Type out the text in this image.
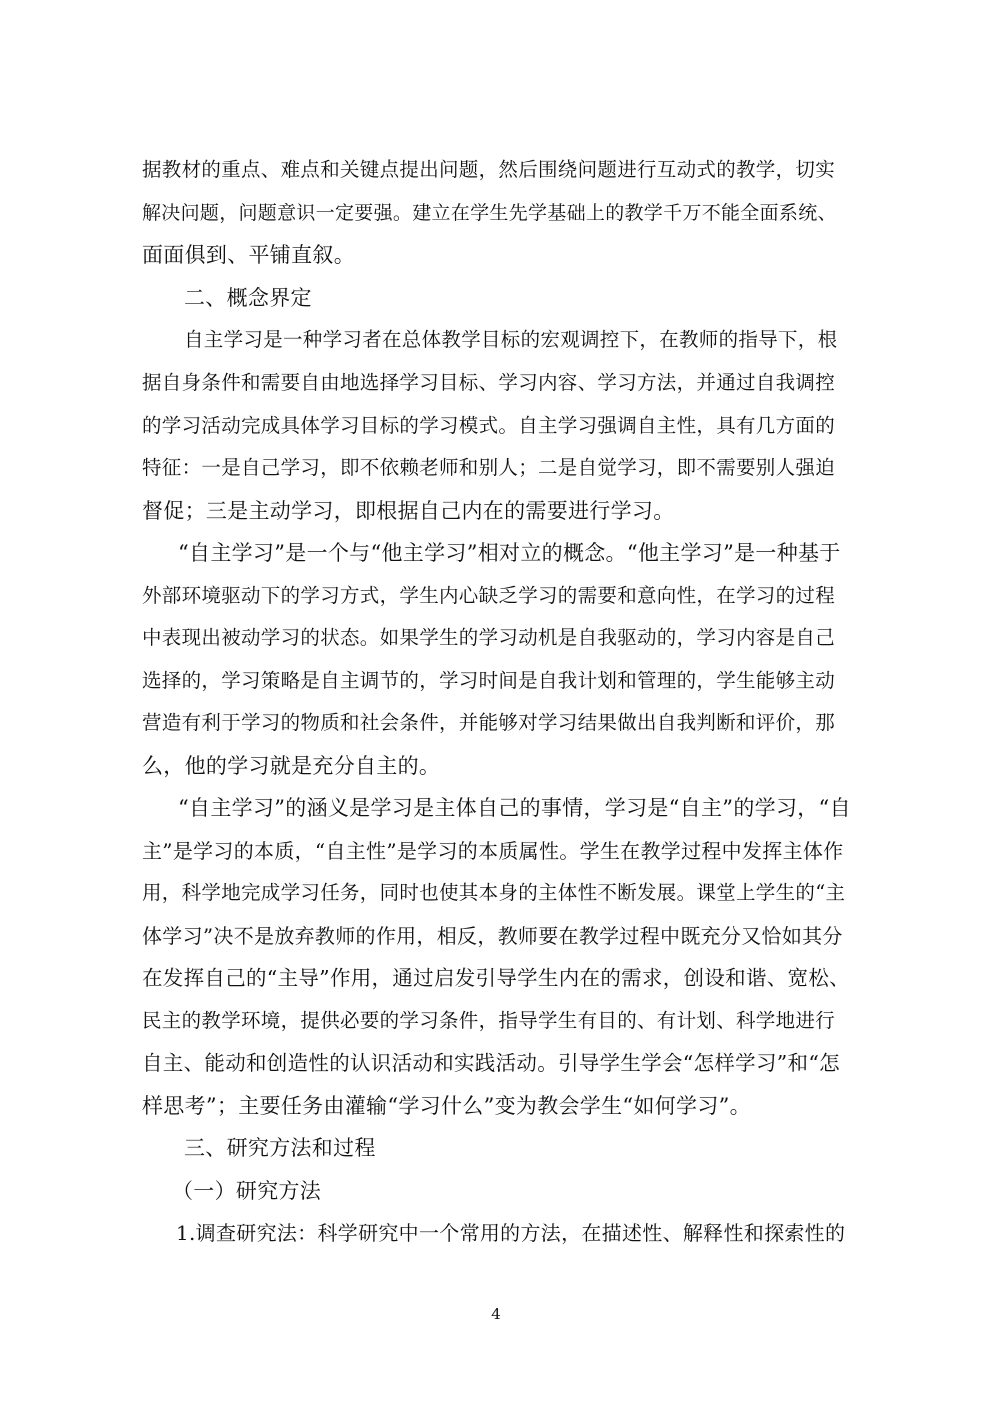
据教材的重点、难点和关键点提出问题，然后围绕问题进行互动式的教学，切实
解决问题，问题意识一定要强。建立在学生先学基础上的教学千万不能全面系统、
面面俱到、平铺直叙。
二、概念界定
自主学习是一种学习者在总体教学目标的宏观调控下，在教师的指导下，根
据自身条件和需要自由地选择学习目标、学习内容、学习方法，并通过自我调控
的学习活动完成具体学习目标的学习模式。自主学习强调自主性，具有几方面的
特征：一是自己学习，即不依赖老师和别人；二是自觉学习，即不需要别人强迫
督促；三是主动学习，即根据自己内在的需要进行学习。
“自主学习”是一个与“他主学习”相对立的概念。“他主学习”是一种基于
外部环境驱动下的学习方式，学生内心缺乏学习的需要和意向性，在学习的过程
中表现出被动学习的状态。如果学生的学习动机是自我驱动的，学习内容是自己
选择的，学习策略是自主调节的，学习时间是自我计划和管理的，学生能够主动
营造有利于学习的物质和社会条件，并能够对学习结果做出自我判断和评价，那
么，他的学习就是充分自主的。
“自主学习”的涵义是学习是主体自己的事情，学习是“自主”的学习，“自
主”是学习的本质，“自主性”是学习的本质属性。学生在教学过程中发挥主体作
用，科学地完成学习任务，同时也使其本身的主体性不断发展。课堂上学生的“主
体学习”决不是放弃教师的作用，相反，教师要在教学过程中既充分又恰如其分
在发挥自己的“主导”作用，通过启发引导学生内在的需求，创设和谐、宽松、
民主的教学环境，提供必要的学习条件，指导学生有目的、有计划、科学地进行
自主、能动和创造性的认识活动和实践活动。引导学生学会“怎样学习”和“怎
样思考”；主要任务由灌输“学习什么”变为教会学生“如何学习”。
三、研究方法和过程
（一）研究方法
1.调查研究法：科学研究中一个常用的方法，在描述性、解释性和探索性的
4
